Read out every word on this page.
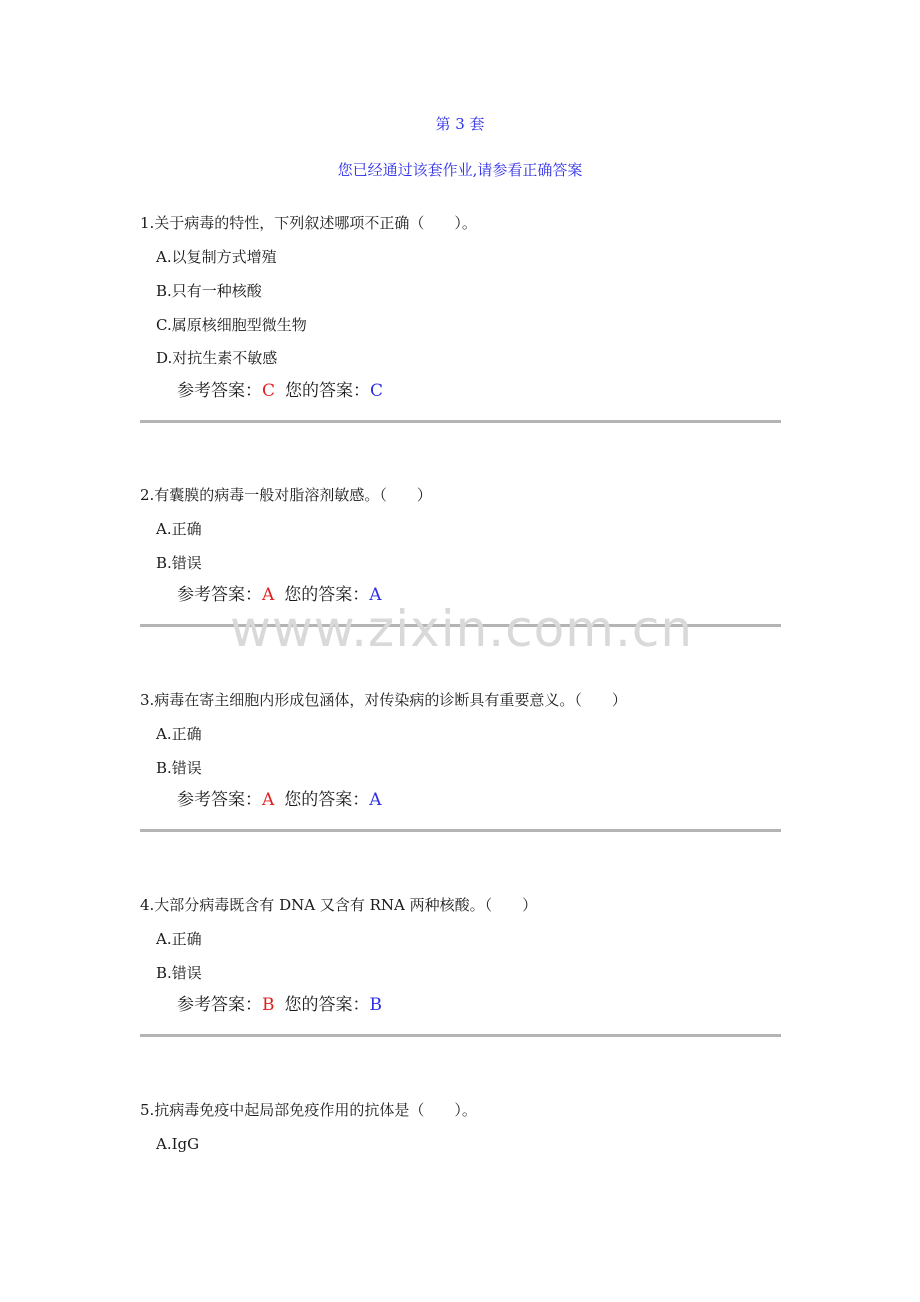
第 3 套
您已经通过该套作业,请参看正确答案
1.关于病毒的特性，下列叙述哪项不正确（　　）。
A.以复制方式增殖
B.只有一种核酸
C.属原核细胞型微生物
D.对抗生素不敏感
参考答案：C 您的答案：C
2.有囊膜的病毒一般对脂溶剂敏感。（　　）
A.正确
B.错误
参考答案：A 您的答案：A
3.病毒在寄主细胞内形成包涵体，对传染病的诊断具有重要意义。（　　）
A.正确
B.错误
参考答案：A 您的答案：A
4.大部分病毒既含有 DNA 又含有 RNA 两种核酸。（　　）
A.正确
B.错误
参考答案：B 您的答案：B
5.抗病毒免疫中起局部免疫作用的抗体是（　　）。
A.IgG
www.zixin.com.cn
